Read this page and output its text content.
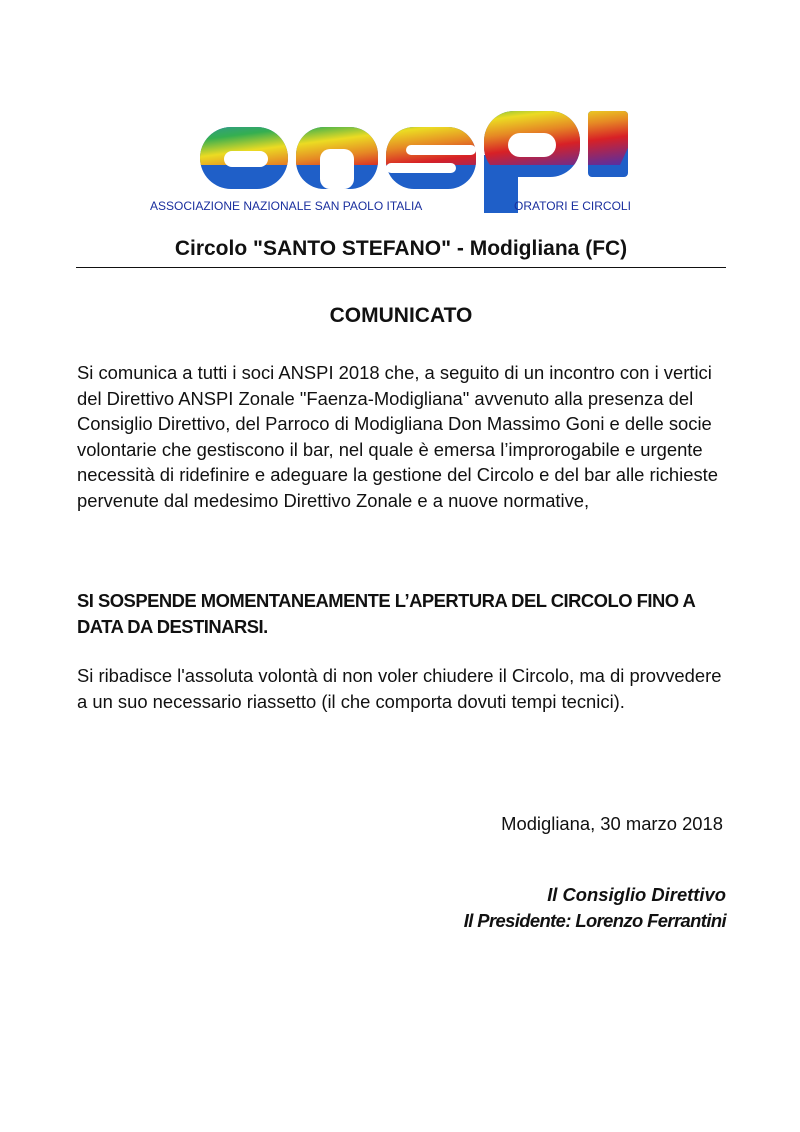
ASSOCIAZIONE NAZIONALE SAN PAOLO ITALIA	ORATORI E CIRCOLI
Circolo "SANTO STEFANO" - Modigliana (FC)
COMUNICATO

Si comunica a tutti i soci ANSPI 2018 che, a seguito di un incontro con i vertici del Direttivo ANSPI Zonale "Faenza-Modigliana" avvenuto alla presenza del Consiglio Direttivo, del Parroco di Modigliana Don Massimo Goni e delle socie volontarie che gestiscono il bar, nel quale è emersa l’improrogabile e urgente necessità di ridefinire e adeguare la gestione del Circolo e del bar alle richieste pervenute dal medesimo Direttivo Zonale e a nuove normative,

SI SOSPENDE MOMENTANEAMENTE L’APERTURA DEL CIRCOLO FINO A DATA DA DESTINARSI.

Si ribadisce l'assoluta volontà di non voler chiudere il Circolo, ma di provvedere a un suo necessario riassetto (il che comporta dovuti tempi tecnici).

Modigliana, 30 marzo 2018
Il Consiglio Direttivo
Il Presidente: Lorenzo Ferrantini
